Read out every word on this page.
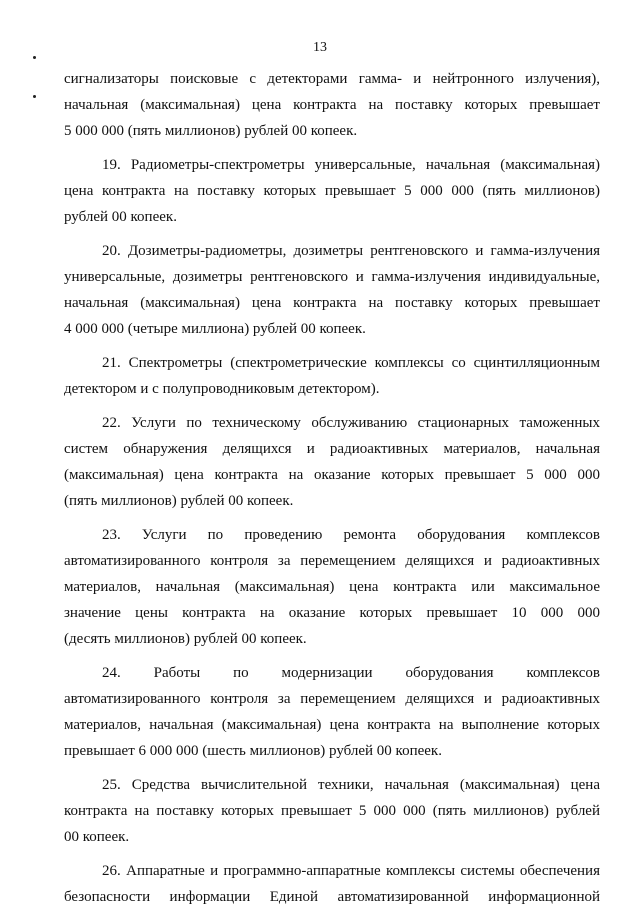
13
сигнализаторы поисковые с детекторами гамма- и нейтронного излучения),
начальная (максимальная) цена контракта на поставку которых превышает
5 000 000 (пять миллионов) рублей 00 копеек.
19. Радиометры-спектрометры универсальные, начальная (максимальная)
цена контракта на поставку которых превышает 5 000 000 (пять миллионов)
рублей 00 копеек.
20. Дозиметры-радиометры, дозиметры рентгеновского и гамма-излучения
универсальные, дозиметры рентгеновского и гамма-излучения индивидуальные,
начальная (максимальная) цена контракта на поставку которых превышает
4 000 000 (четыре миллиона) рублей 00 копеек.
21. Спектрометры (спектрометрические комплексы со сцинтилляционным
детектором и с полупроводниковым детектором).
22. Услуги по техническому обслуживанию стационарных таможенных
систем обнаружения делящихся и радиоактивных материалов, начальная
(максимальная) цена контракта на оказание которых превышает 5 000 000
(пять миллионов) рублей 00 копеек.
23. Услуги по проведению ремонта оборудования комплексов
автоматизированного контроля за перемещением делящихся и радиоактивных
материалов, начальная (максимальная) цена контракта или максимальное
значение цены контракта на оказание которых превышает 10 000 000
(десять миллионов) рублей 00 копеек.
24. Работы по модернизации оборудования комплексов
автоматизированного контроля за перемещением делящихся и радиоактивных
материалов, начальная (максимальная) цена контракта на выполнение которых
превышает 6 000 000 (шесть миллионов) рублей 00 копеек.
25. Средства вычислительной техники, начальная (максимальная) цена
контракта на поставку которых превышает 5 000 000 (пять миллионов) рублей
00 копеек.
26. Аппаратные и программно-аппаратные комплексы системы обеспечения
безопасности информации Единой автоматизированной информационной
